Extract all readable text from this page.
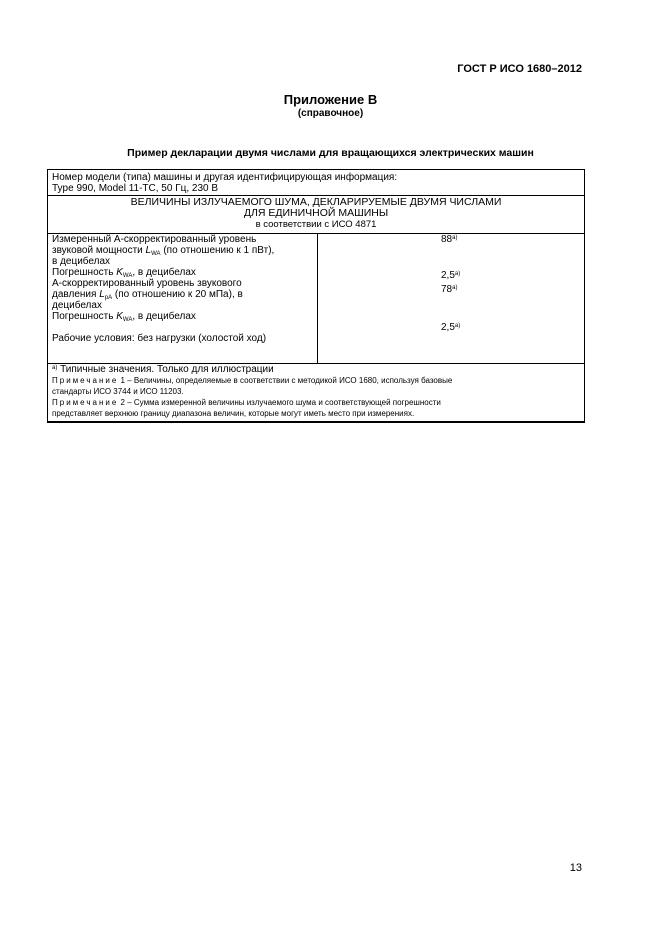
ГОСТ Р ИСО 1680–2012
Приложение В
(справочное)
Пример декларации двумя числами для вращающихся электрических машин
Номер модели (типа) машины и другая идентифицирующая информация:
Type 990, Model 11-TC, 50 Гц, 230 В
ВЕЛИЧИНЫ ИЗЛУЧАЕМОГО ШУМА, ДЕКЛАРИРУЕМЫЕ ДВУМЯ ЧИСЛАМИ
ДЛЯ ЕДИНИЧНОЙ МАШИНЫ
в соответствии с ИСО 4871
Измеренный А-скорректированный уровень
звуковой мощности $L_{WA}$ (по отношению к 1 пВт),
в децибелах
Погрешность $K_{WA}$, в децибелах
А-скорректированный уровень звукового
давления $L_{pA}$ (по отношению к 20 мПа), в
децибелах
Погрешность $K_{WA}$, в децибелах
Рабочие условия: без нагрузки (холостой ход)
88$^{a)}$
2,5$^{a)}$
78$^{a)}$
2,5$^{a)}$
$^{a)}$ Типичные значения. Только для иллюстрации
Примечание 1 – Величины, определяемые в соответствии с методикой ИСО 1680, используя базовые
стандарты ИСО 3744 и ИСО 11203.
Примечание 2 – Сумма измеренной величины излучаемого шума и соответствующей погрешности
представляет верхнюю границу диапазона величин, которые могут иметь место при измерениях.
13
